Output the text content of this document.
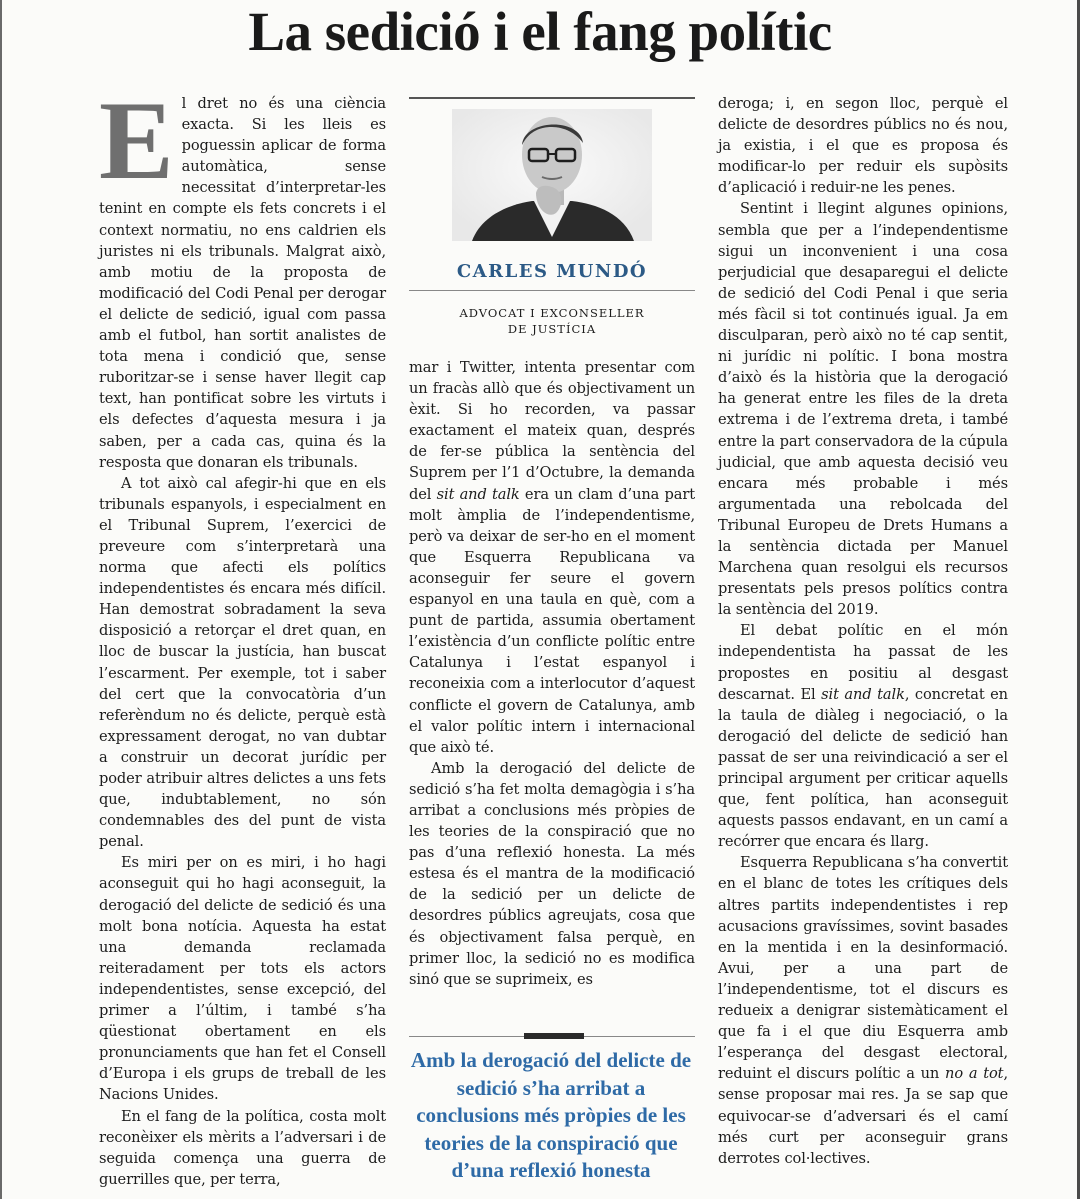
La sedició i el fang polític

El dret no és una ciència exacta. Si les lleis es poguessin aplicar de forma automàtica, sense necessitat d’interpretar-les tenint en compte els fets concrets i el context normatiu, no ens caldrien els juristes ni els tribunals. Malgrat això, amb motiu de la proposta de modificació del Codi Penal per derogar el delicte de sedició, igual com passa amb el futbol, han sortit analistes de tota mena i condició que, sense ruboritzar-se i sense haver llegit cap text, han pontificat sobre les virtuts i els defectes d’aquesta mesura i ja saben, per a cada cas, quina és la resposta que donaran els tribunals.

A tot això cal afegir-hi que en els tribunals espanyols, i especialment en el Tribunal Suprem, l’exercici de preveure com s’interpretarà una norma que afecti els polítics independentistes és encara més difícil. Han demostrat sobradament la seva disposició a retorçar el dret quan, en lloc de buscar la justícia, han buscat l’escarment. Per exemple, tot i saber del cert que la convocatòria d’un referèndum no és delicte, perquè està expressament derogat, no van dubtar a construir un decorat jurídic per poder atribuir altres delictes a uns fets que, indubtablement, no són condemnables des del punt de vista penal.

Es miri per on es miri, i ho hagi aconseguit qui ho hagi aconseguit, la derogació del delicte de sedició és una molt bona notícia. Aquesta ha estat una demanda reclamada reiteradament per tots els actors independentistes, sense excepció, del primer a l’últim, i també s’ha qüestionat obertament en els pronunciaments que han fet el Consell d’Europa i els grups de treball de les Nacions Unides.

En el fang de la política, costa molt reconèixer els mèrits a l’adversari i de seguida comença una guerra de guerrilles que, per terra,

CARLES MUNDÓ
ADVOCAT I EXCONSELLER DE JUSTÍCIA

mar i Twitter, intenta presentar com un fracàs allò que és objectivament un èxit. Si ho recorden, va passar exactament el mateix quan, després de fer-se pública la sentència del Suprem per l’1 d’Octubre, la demanda del sit and talk era un clam d’una part molt àmplia de l’independentisme, però va deixar de ser-ho en el moment que Esquerra Republicana va aconseguir fer seure el govern espanyol en una taula en què, com a punt de partida, assumia obertament l’existència d’un conflicte polític entre Catalunya i l’estat espanyol i reconeixia com a interlocutor d’aquest conflicte el govern de Catalunya, amb el valor polític intern i internacional que això té.

Amb la derogació del delicte de sedició s’ha fet molta demagògia i s’ha arribat a conclusions més pròpies de les teories de la conspiració que no pas d’una reflexió honesta. La més estesa és el mantra de la modificació de la sedició per un delicte de desordres públics agreujats, cosa que és objectivament falsa perquè, en primer lloc, la sedició no es modifica sinó que se suprimeix, es

Amb la derogació del delicte de sedició s’ha arribat a conclusions més pròpies de les teories de la conspiració que d’una reflexió honesta

deroga; i, en segon lloc, perquè el delicte de desordres públics no és nou, ja existia, i el que es proposa és modificar-lo per reduir els supòsits d’aplicació i reduir-ne les penes.

Sentint i llegint algunes opinions, sembla que per a l’independentisme sigui un inconvenient i una cosa perjudicial que desaparegui el delicte de sedició del Codi Penal i que seria més fàcil si tot continués igual. Ja em disculparan, però això no té cap sentit, ni jurídic ni polític. I bona mostra d’això és la història que la derogació ha generat entre les files de la dreta extrema i de l’extrema dreta, i també entre la part conservadora de la cúpula judicial, que amb aquesta decisió veu encara més probable i més argumentada una rebolcada del Tribunal Europeu de Drets Humans a la sentència dictada per Manuel Marchena quan resolgui els recursos presentats pels presos polítics contra la sentència del 2019.

El debat polític en el món independentista ha passat de les propostes en positiu al desgast descarnat. El sit and talk, concretat en la taula de diàleg i negociació, o la derogació del delicte de sedició han passat de ser una reivindicació a ser el principal argument per criticar aquells que, fent política, han aconseguit aquests passos endavant, en un camí a recórrer que encara és llarg.

Esquerra Republicana s’ha convertit en el blanc de totes les crítiques dels altres partits independentistes i rep acusacions gravíssimes, sovint basades en la mentida i en la desinformació. Avui, per a una part de l’independentisme, tot el discurs es redueix a denigrar sistemàticament el que fa i el que diu Esquerra amb l’esperança del desgast electoral, reduint el discurs polític a un no a tot, sense proposar mai res. Ja se sap que equivocar-se d’adversari és el camí més curt per aconseguir grans derrotes col·lectives.
